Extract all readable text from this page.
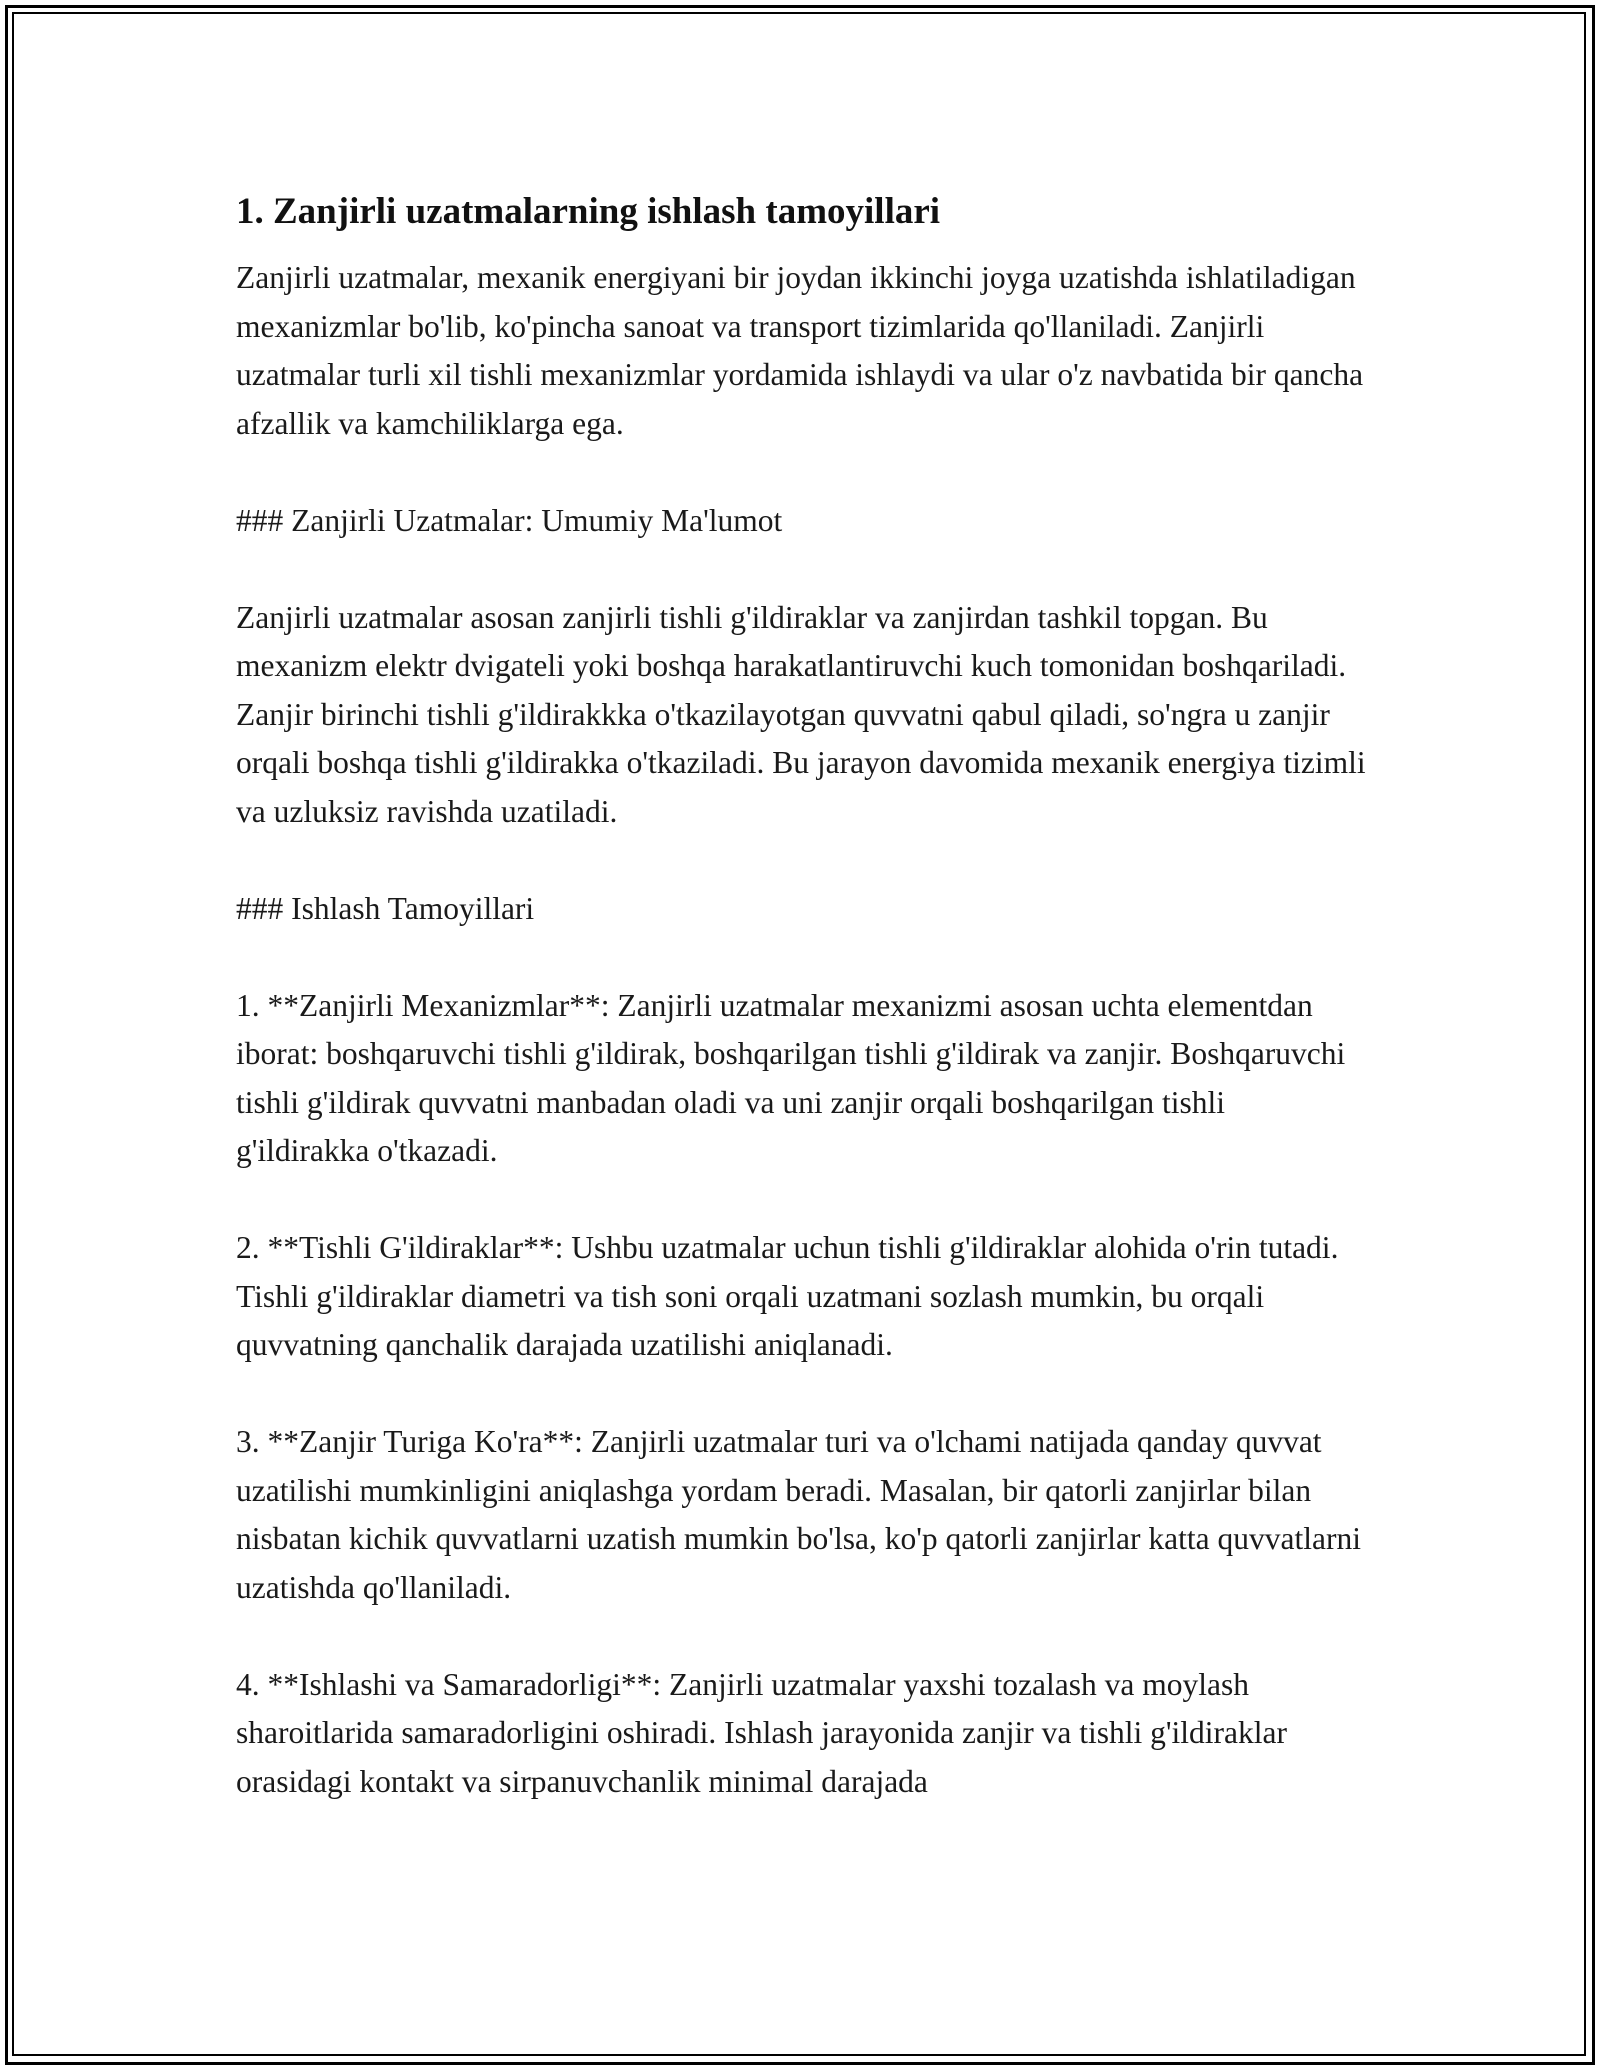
1. Zanjirli uzatmalarning ishlash tamoyillari

Zanjirli uzatmalar, mexanik energiyani bir joydan ikkinchi joyga uzatishda ishlatiladigan mexanizmlar bo'lib, ko'pincha sanoat va transport tizimlarida qo'llaniladi. Zanjirli uzatmalar turli xil tishli mexanizmlar yordamida ishlaydi va ular o'z navbatida bir qancha afzallik va kamchiliklarga ega.

### Zanjirli Uzatmalar: Umumiy Ma'lumot

Zanjirli uzatmalar asosan zanjirli tishli g'ildiraklar va zanjirdan tashkil topgan. Bu mexanizm elektr dvigateli yoki boshqa harakatlantiruvchi kuch tomonidan boshqariladi. Zanjir birinchi tishli g'ildirakkka o'tkazilayotgan quvvatni qabul qiladi, so'ngra u zanjir orqali boshqa tishli g'ildirakka o'tkaziladi. Bu jarayon davomida mexanik energiya tizimli va uzluksiz ravishda uzatiladi.

### Ishlash Tamoyillari

1. **Zanjirli Mexanizmlar**: Zanjirli uzatmalar mexanizmi asosan uchta elementdan iborat: boshqaruvchi tishli g'ildirak, boshqarilgan tishli g'ildirak va zanjir. Boshqaruvchi tishli g'ildirak quvvatni manbadan oladi va uni zanjir orqali boshqarilgan tishli g'ildirakka o'tkazadi.

2. **Tishli G'ildiraklar**: Ushbu uzatmalar uchun tishli g'ildiraklar alohida o'rin tutadi. Tishli g'ildiraklar diametri va tish soni orqali uzatmani sozlash mumkin, bu orqali quvvatning qanchalik darajada uzatilishi aniqlanadi.

3. **Zanjir Turiga Ko'ra**: Zanjirli uzatmalar turi va o'lchami natijada qanday quvvat uzatilishi mumkinligini aniqlashga yordam beradi. Masalan, bir qatorli zanjirlar bilan nisbatan kichik quvvatlarni uzatish mumkin bo'lsa, ko'p qatorli zanjirlar katta quvvatlarni uzatishda qo'llaniladi.

4. **Ishlashi va Samaradorligi**: Zanjirli uzatmalar yaxshi tozalash va moylash sharoitlarida samaradorligini oshiradi. Ishlash jarayonida zanjir va tishli g'ildiraklar orasidagi kontakt va sirpanuvchanlik minimal darajada
